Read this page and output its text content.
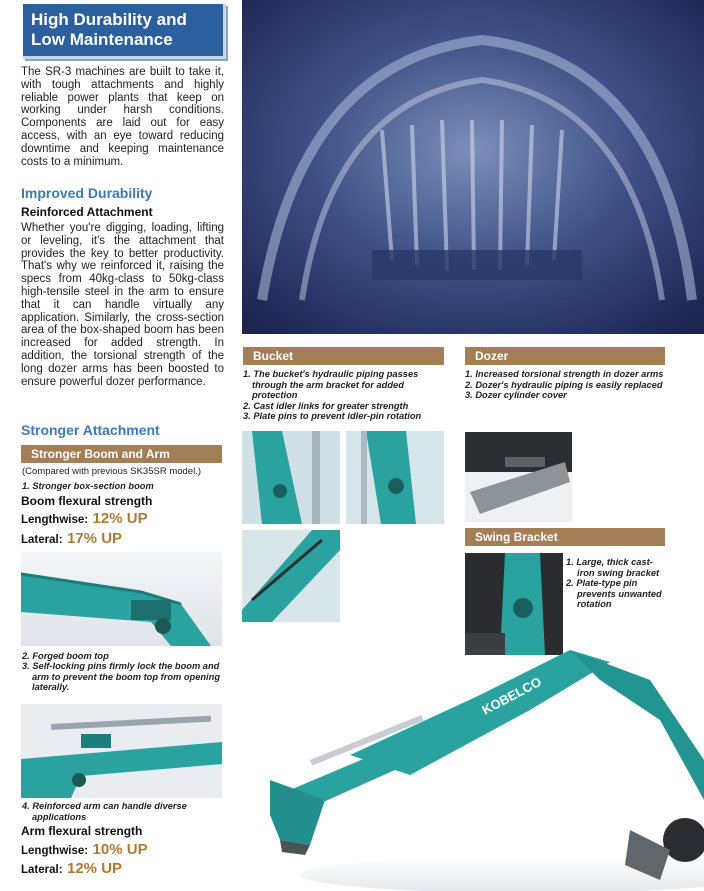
High Durability and
Low Maintenance
The SR-3 machines are built to take it, with tough attachments and highly reliable power plants that keep on working under harsh conditions. Components are laid out for easy access, with an eye toward reducing downtime and keeping maintenance costs to a minimum.
Improved Durability
Reinforced Attachment
Whether you're digging, loading, lifting or leveling, it's the attachment that provides the key to better productivity. That's why we reinforced it, raising the specs from 40kg-class to 50kg-class high-tensile steel in the arm to ensure that it can handle virtually any application. Similarly, the cross-section area of the box-shaped boom has been increased for added strength. In addition, the torsional strength of the long dozer arms has been boosted to ensure powerful dozer performance.
Stronger Attachment
Stronger Boom and Arm
(Compared with previous SK35SR model.)
1. Stronger box-section boom
Boom flexural strength
Lengthwise: 12% UP
Lateral: 17% UP
2. Forged boom top
3. Self-locking pins firmly lock the boom and arm to prevent the boom top from opening laterally.
4. Reinforced arm can handle diverse applications
Arm flexural strength
Lengthwise: 10% UP
Lateral: 12% UP
Bucket
1. The bucket's hydraulic piping passes through the arm bracket for added protection
2. Cast idler links for greater strength
3. Plate pins to prevent idler-pin rotation
Dozer
1. Increased torsional strength in dozer arms
2. Dozer's hydraulic piping is easily replaced
3. Dozer cylinder cover
Swing Bracket
1. Large, thick cast-iron swing bracket
2. Plate-type pin prevents unwanted rotation
KOBELCO
